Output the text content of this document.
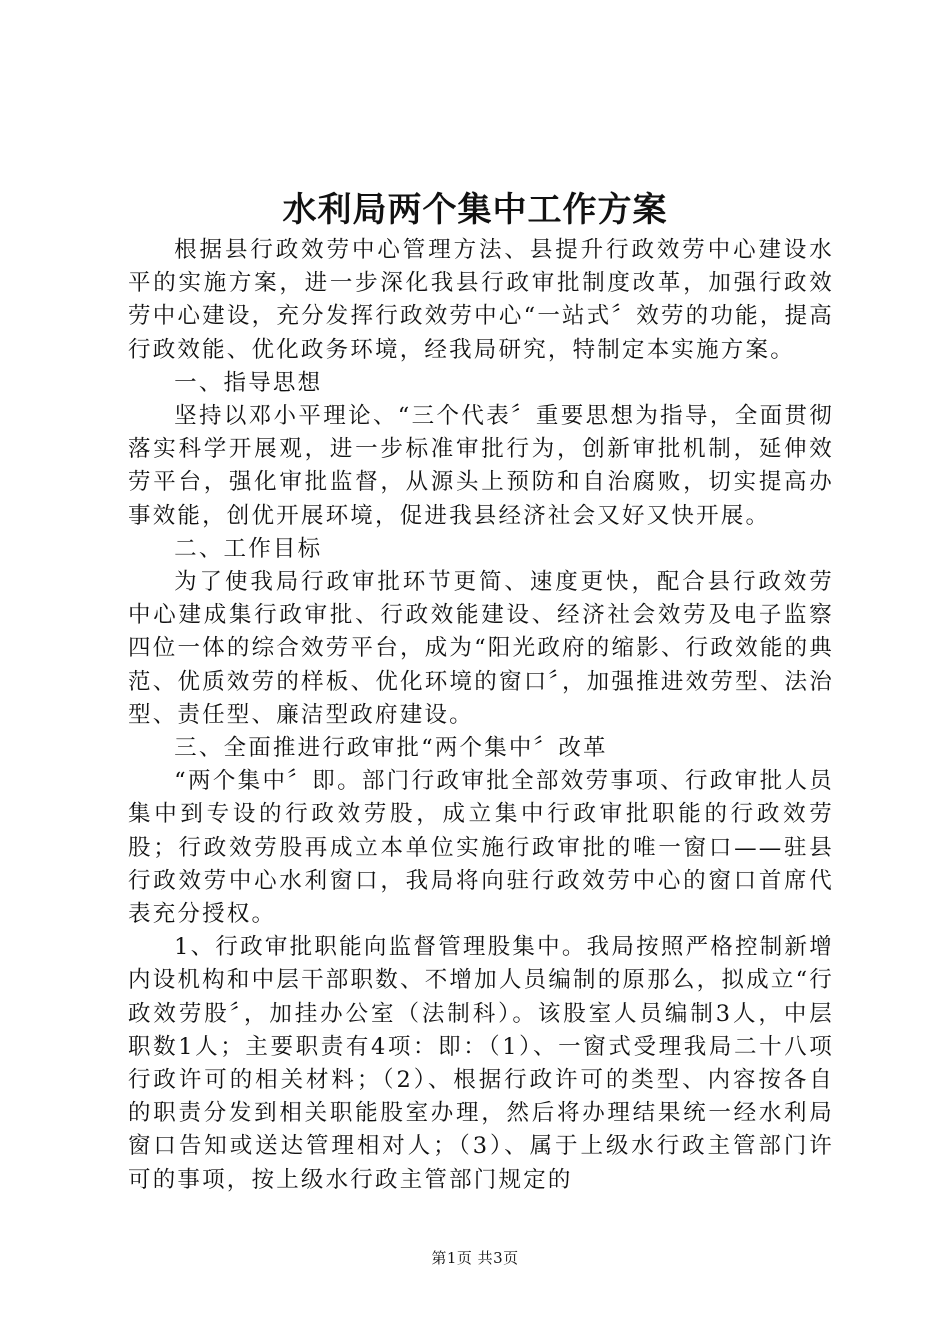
水利局两个集中工作方案

根据县行政效劳中心管理方法、县提升行政效劳中心建设水平的实施方案，进一步深化我县行政审批制度改革，加强行政效劳中心建设，充分发挥行政效劳中心“一站式〞效劳的功能，提高行政效能、优化政务环境，经我局研究，特制定本实施方案。

一、指导思想

坚持以邓小平理论、“三个代表〞重要思想为指导，全面贯彻落实科学开展观，进一步标准审批行为，创新审批机制，延伸效劳平台，强化审批监督，从源头上预防和自治腐败，切实提高办事效能，创优开展环境，促进我县经济社会又好又快开展。

二、工作目标

为了使我局行政审批环节更简、速度更快，配合县行政效劳中心建成集行政审批、行政效能建设、经济社会效劳及电子监察四位一体的综合效劳平台，成为“阳光政府的缩影、行政效能的典范、优质效劳的样板、优化环境的窗口〞，加强推进效劳型、法治型、责任型、廉洁型政府建设。

三、全面推进行政审批“两个集中〞改革

“两个集中〞即。部门行政审批全部效劳事项、行政审批人员集中到专设的行政效劳股，成立集中行政审批职能的行政效劳股；行政效劳股再成立本单位实施行政审批的唯一窗口——驻县行政效劳中心水利窗口，我局将向驻行政效劳中心的窗口首席代表充分授权。

1、行政审批职能向监督管理股集中。我局按照严格控制新增内设机构和中层干部职数、不增加人员编制的原那么，拟成立“行政效劳股〞，加挂办公室（法制科）。该股室人员编制3人，中层职数1人；主要职责有4项：即：（1）、一窗式受理我局二十八项行政许可的相关材料；（2）、根据行政许可的类型、内容按各自的职责分发到相关职能股室办理，然后将办理结果统一经水利局窗口告知或送达管理相对人；（3）、属于上级水行政主管部门许可的事项，按上级水行政主管部门规定的

第1页 共3页
